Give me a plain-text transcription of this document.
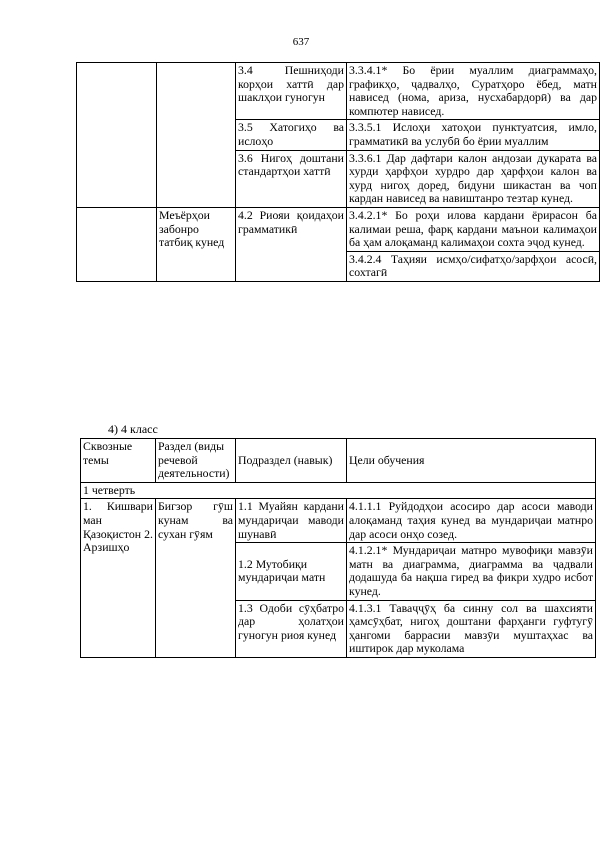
637
		3.4 Пешниҳоди корҳои хаттӣ дар шаклҳои гуногун	3.3.4.1* Бо ёрии муаллим диаграммаҳо, графикҳо, ҷадвалҳо, Суратҳоро ёбед, матн нависед (нома, ариза, нусхабардорӣ) ва дар компютер нависед.
		3.5 Хатогиҳо ва ислоҳо	3.3.5.1 Ислоҳи хатоҳои пунктуатсия, имло, грамматикӣ ва услубӣ бо ёрии муаллим
		3.6 Нигоҳ доштани стандартҳои хаттӣ	3.3.6.1 Дар дафтари калон андозаи дукарата ва хурди ҳарфҳои хурдро дар ҳарфҳои калон ва хурд нигоҳ доред, бидуни шикастан ва чоп кардан нависед ва навиштанро тезтар кунед.
	Меъёрҳои забонро татбиқ кунед	4.2 Риояи қоидаҳои грамматикӣ	3.4.2.1* Бо роҳи илова кардани ёрирасон ба калимаи реша, фарқ кардани маънои калимаҳои ба ҳам алоқаманд калимаҳои сохта эҷод кунед.
			3.4.2.4 Таҳияи исмҳо/сифатҳо/зарфҳои асосӣ, сохтагӣ
4) 4 класс
Сквозные темы	Раздел (виды речевой деятельности)	Подраздел (навык)	Цели обучения
1 четверть			
1. Кишвари ман Қазоқистон 2. Арзишҳо	Бигзор гӯш кунам ва сухан гӯям	1.1 Муайян кардани мундариҷаи маводи шунавӣ	4.1.1.1 Руйдодҳои асосиро дар асоси маводи алоқаманд таҳия кунед ва мундариҷаи матнро дар асоси онҳо созед.
		1.2 Мутобиқи мундариҷаи матн	4.1.2.1* Мундариҷаи матнро мувофиқи мавзӯи матн ва диаграмма, диаграмма ва ҷадвали додашуда ба нақша гиред ва фикри худро исбот кунед.
		1.3 Одоби сӯҳбатро дар ҳолатҳои гуногун риоя кунед	4.1.3.1 Таваҷҷӯҳ ба синну сол ва шахсияти ҳамсӯҳбат, нигоҳ доштани фарҳанги гуфтугӯ ҳангоми баррасии мавзӯи муштаҳхас ва иштирок дар муколама
